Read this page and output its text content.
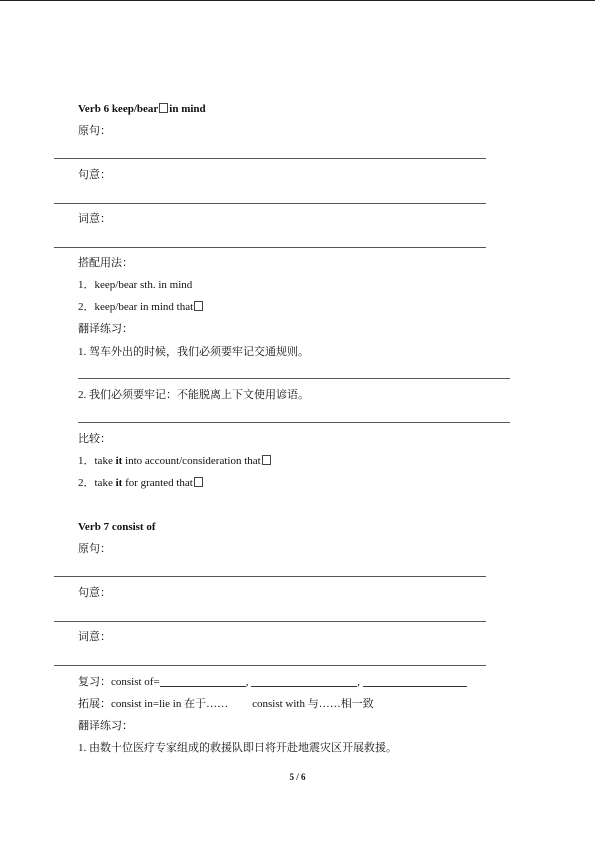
Verb 6 keep/bear in mind
原句：
句意：
词意：
搭配用法：
1．keep/bear sth. in mind
2．keep/bear in mind that
翻译练习：
1. 驾车外出的时候，我们必须要牢记交通规则。
2. 我们必须要牢记：不能脱离上下文使用谚语。
比较：
1．take it into account/consideration that
2．take it for granted that
Verb 7 consist of
原句：
句意：
词意：
复习：consist of=	,	,
拓展：consist in=lie in 在于…… consist with 与……相一致
翻译练习：
1. 由数十位医疗专家组成的救援队即日将开赴地震灾区开展救援。
5 / 6
